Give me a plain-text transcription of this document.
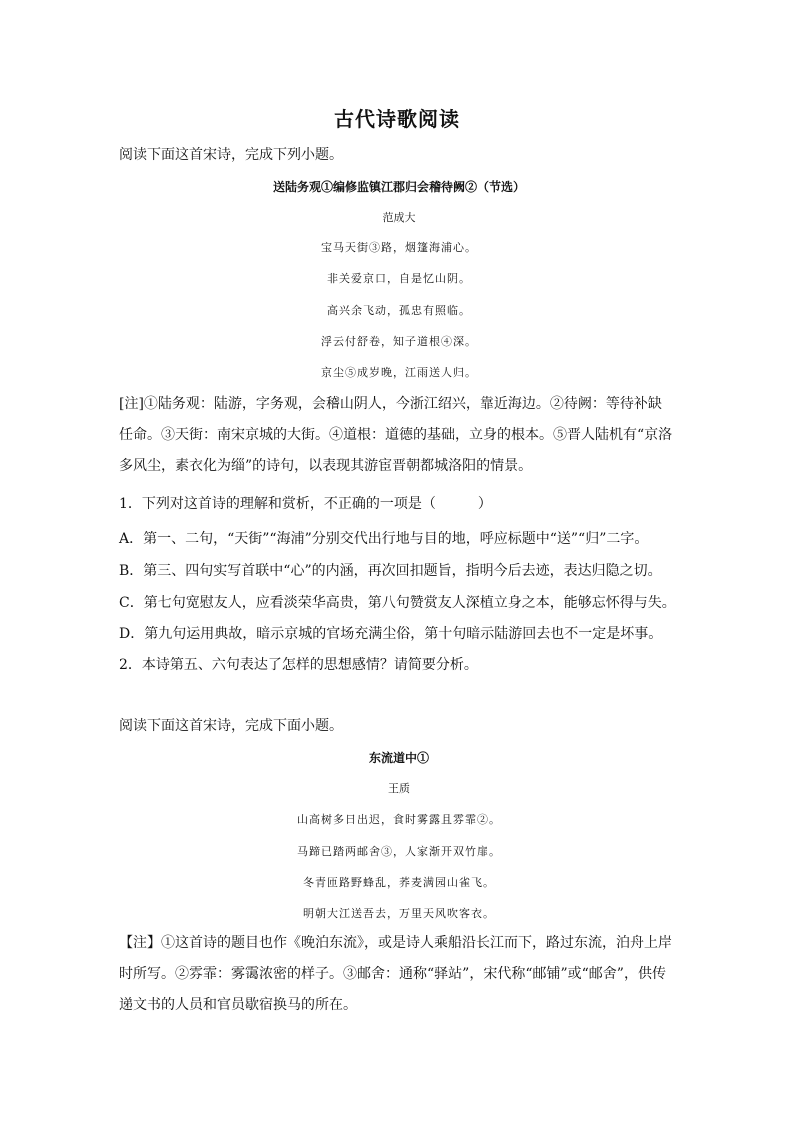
古代诗歌阅读
阅读下面这首宋诗，完成下列小题。
送陆务观①编修监镇江郡归会稽待阙②（节选）
范成大
宝马天街③路，烟篷海浦心。
非关爱京口，自是忆山阴。
高兴余飞动，孤忠有照临。
浮云付舒卷，知子道根④深。
京尘⑤成岁晚，江雨送人归。
[注]①陆务观：陆游，字务观，会稽山阴人，今浙江绍兴，靠近海边。②待阙：等待补缺
任命。③天街：南宋京城的大街。④道根：道德的基础，立身的根本。⑤晋人陆机有“京洛
多风尘，素衣化为缁”的诗句，以表现其游宦晋朝都城洛阳的情景。
1．下列对这首诗的理解和赏析，不正确的一项是（　　　）
A．第一、二句，“天街”“海浦”分别交代出行地与目的地，呼应标题中“送”“归”二字。
B．第三、四句实写首联中“心”的内涵，再次回扣题旨，指明今后去迹，表达归隐之切。
C．第七句宽慰友人，应看淡荣华高贵，第八句赞赏友人深植立身之本，能够忘怀得与失。
D．第九句运用典故，暗示京城的官场充满尘俗，第十句暗示陆游回去也不一定是坏事。
2．本诗第五、六句表达了怎样的思想感情？请简要分析。
阅读下面这首宋诗，完成下面小题。
东流道中①
王质
山高树多日出迟，食时雾露且雰霏②。
马蹄已踏两邮舍③，人家渐开双竹扉。
冬青匝路野蜂乱，荞麦满园山雀飞。
明朝大江送吾去，万里天风吹客衣。
【注】①这首诗的题目也作《晚泊东流》，或是诗人乘船沿长江而下，路过东流，泊舟上岸
时所写。②雰霏：雾霭浓密的样子。③邮舍：通称“驿站”，宋代称“邮铺”或“邮舍”，供传
递文书的人员和官员歇宿换马的所在。
